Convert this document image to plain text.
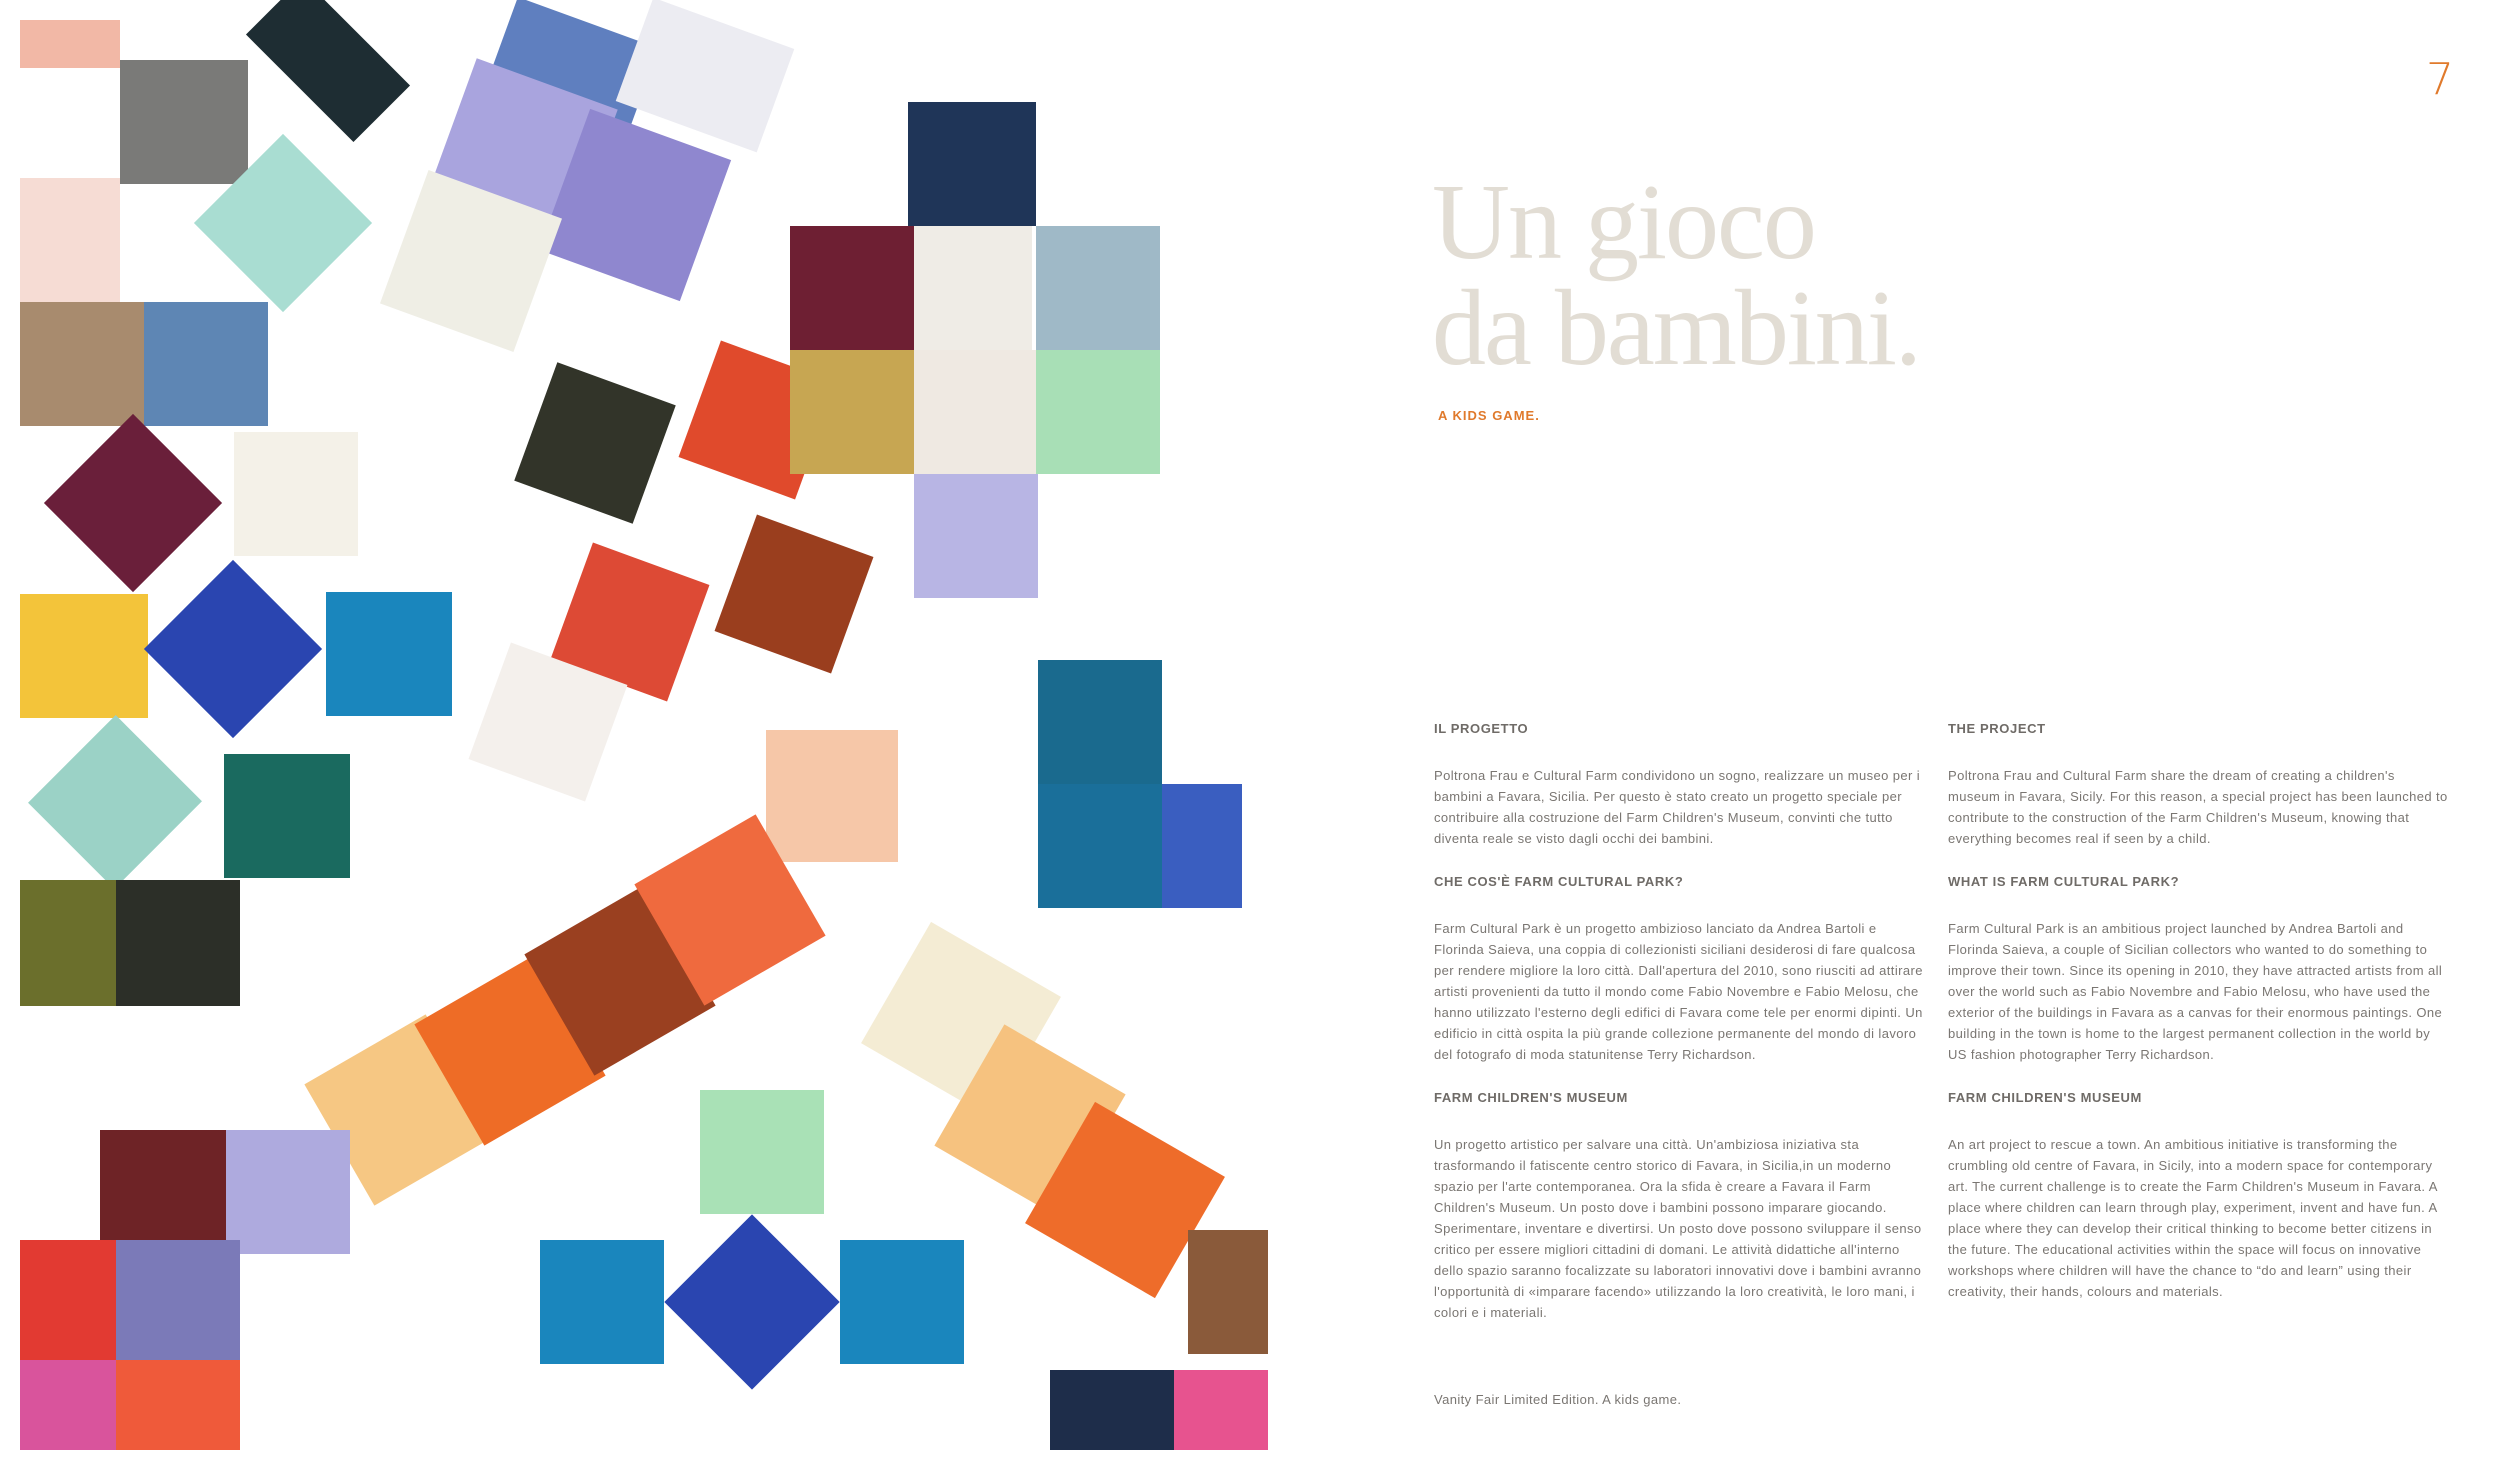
7
Un gioco
da bambini.
A KIDS GAME.
IL PROGETTO

Poltrona Frau e Cultural Farm condividono un sogno, realizzare un museo per i bambini a Favara, Sicilia. Per questo è stato creato un progetto speciale per contribuire alla costruzione del Farm Children's Museum, convinti che tutto diventa reale se visto dagli occhi dei bambini.

CHE COS'È FARM CULTURAL PARK?

Farm Cultural Park è un progetto ambizioso lanciato da Andrea Bartoli e Florinda Saieva, una coppia di collezionisti siciliani desiderosi di fare qualcosa per rendere migliore la loro città. Dall'apertura del 2010, sono riusciti ad attirare artisti provenienti da tutto il mondo come Fabio Novembre e Fabio Melosu, che hanno utilizzato l'esterno degli edifici di Favara come tele per enormi dipinti. Un edificio in città ospita la più grande collezione permanente del mondo di lavoro del fotografo di moda statunitense Terry Richardson.

FARM CHILDREN'S MUSEUM

Un progetto artistico per salvare una città. Un'ambiziosa iniziativa sta trasformando il fatiscente centro storico di Favara, in Sicilia,in un moderno spazio per l'arte contemporanea. Ora la sfida è creare a Favara il Farm Children's Museum. Un posto dove i bambini possono imparare giocando. Sperimentare, inventare e divertirsi. Un posto dove possono sviluppare il senso critico per essere migliori cittadini di domani. Le attività didattiche all'interno dello spazio saranno focalizzate su laboratori innovativi dove i bambini avranno l'opportunità di «imparare facendo» utilizzando la loro creatività, le loro mani, i colori e i materiali.

THE PROJECT

Poltrona Frau and Cultural Farm share the dream of creating a children's museum in Favara, Sicily. For this reason, a special project has been launched to contribute to the construction of the Farm Children's Museum, knowing that everything becomes real if seen by a child.

WHAT IS FARM CULTURAL PARK?

Farm Cultural Park is an ambitious project launched by Andrea Bartoli and Florinda Saieva, a couple of Sicilian collectors who wanted to do something to improve their town. Since its opening in 2010, they have attracted artists from all over the world such as Fabio Novembre and Fabio Melosu, who have used the exterior of the buildings in Favara as a canvas for their enormous paintings. One building in the town is home to the largest permanent collection in the world by US fashion photographer Terry Richardson.

FARM CHILDREN'S MUSEUM

An art project to rescue a town. An ambitious initiative is transforming the crumbling old centre of Favara, in Sicily, into a modern space for contemporary art. The current challenge is to create the Farm Children's Museum in Favara. A place where children can learn through play, experiment, invent and have fun. A place where they can develop their critical thinking to become better citizens in the future. The educational activities within the space will focus on innovative workshops where children will have the chance to “do and learn” using their creativity, their hands, colours and materials.

Vanity Fair Limited Edition. A kids game.
